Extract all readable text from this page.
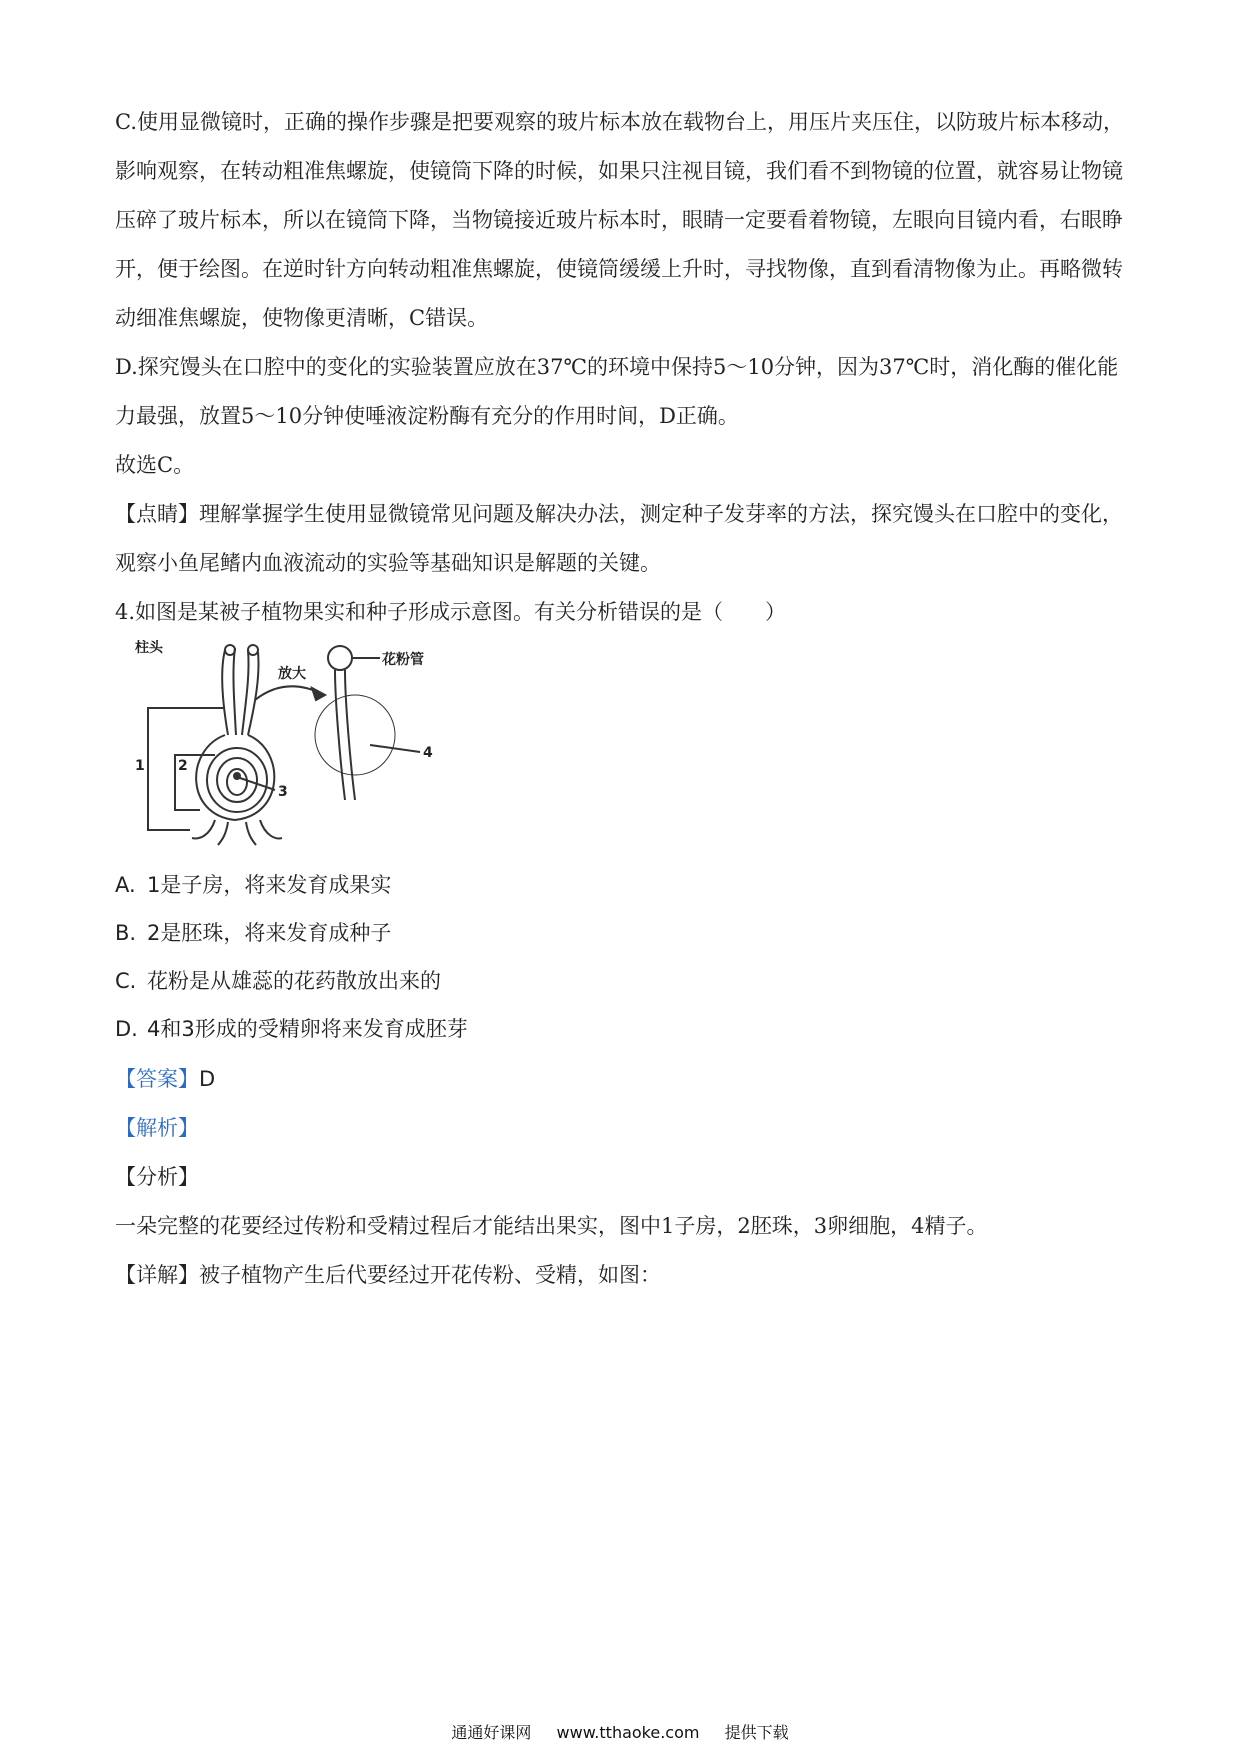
C.使用显微镜时，正确的操作步骤是把要观察的玻片标本放在载物台上，用压片夹压住，以防玻片标本移动，影响观察，在转动粗准焦螺旋，使镜筒下降的时候，如果只注视目镜，我们看不到物镜的位置，就容易让物镜压碎了玻片标本，所以在镜筒下降，当物镜接近玻片标本时，眼睛一定要看着物镜，左眼向目镜内看，右眼睁开，便于绘图。在逆时针方向转动粗准焦螺旋，使镜筒缓缓上升时，寻找物像，直到看清物像为止。再略微转动细准焦螺旋，使物像更清晰，C错误。

D.探究馒头在口腔中的变化的实验装置应放在37℃的环境中保持5～10分钟，因为37℃时，消化酶的催化能力最强，放置5～10分钟使唾液淀粉酶有充分的作用时间，D正确。

故选C。

【点睛】理解掌握学生使用显微镜常见问题及解决办法，测定种子发芽率的方法，探究馒头在口腔中的变化，观察小鱼尾鳍内血液流动的实验等基础知识是解题的关键。

4.如图是某被子植物果实和种子形成示意图。有关分析错误的是（　　）

柱头
放大
花粉管
1 2
3
4
A. 1是子房，将来发育成果实
B. 2是胚珠，将来发育成种子
C. 花粉是从雄蕊的花药散放出来的
D. 4和3形成的受精卵将来发育成胚芽
【答案】D
【解析】
【分析】
一朵完整的花要经过传粉和受精过程后才能结出果实，图中1子房，2胚珠，3卵细胞，4精子。
【详解】被子植物产生后代要经过开花传粉、受精，如图：
通通好课网 www.tthaoke.com 提供下载
